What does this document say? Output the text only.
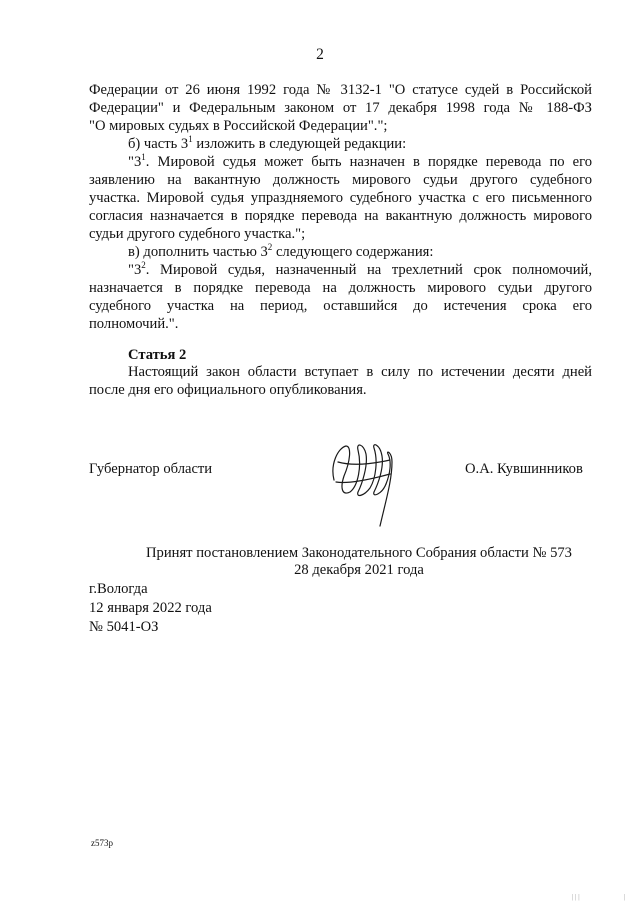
2
Федерации от 26 июня 1992 года № 3132-1 "О статусе судей в Российской
Федерации" и Федеральным законом от 17 декабря 1998 года № 188-ФЗ
"О мировых судьях в Российской Федерации".";
б) часть $3^1$ изложить в следующей редакции:
"$3^1$. Мировой судья может быть назначен в порядке перевода по его
заявлению на вакантную должность мирового судьи другого судебного
участка. Мировой судья упраздняемого судебного участка с его письменного
согласия назначается в порядке перевода на вакантную должность мирового
судьи другого судебного участка.";
в) дополнить частью $3^2$ следующего содержания:
"$3^2$. Мировой судья, назначенный на трехлетний срок полномочий,
назначается в порядке перевода на должность мирового судьи другого
судебного участка на период, оставшийся до истечения срока его
полномочий.".
Статья 2
Настоящий закон области вступает в силу по истечении десяти дней
после дня его официального опубликования.
Губернатор области	О.А. Кувшинников
Принят постановлением Законодательного Собрания области № 573
28 декабря 2021 года
г.Вологда
12 января 2022 года
№ 5041-ОЗ
z573p
| | |	|
